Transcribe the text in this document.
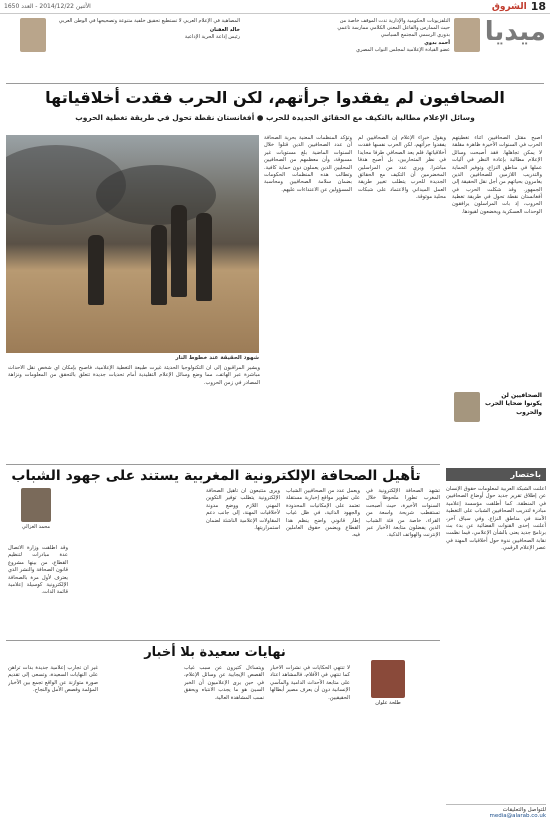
18
الشروق
الأثنين 2014/12/22 - العدد 1650
ميديا
التلفزيونات الحكومية والإدارية تدت الموقف خاصة من حيث الممارس والفاعل المعنى الكلامي ممارسة تاعمي بدوري الرسمي المجتمع السياسي
أحمد بدوي
عضو القيادة الإعلامية لمجلس النواب المصري
المصاهية في الإعلام العربي لا تستطيع تحقيق خلفية متنوعة وتصحيحها في الوطن العربي
خالد العفنان
رئيس إذاعة الحرية الإذاعية
الصحافيون لم يفقدوا جرأتهم، لكن الحرب فقدت أخلاقياتها
وسائل الإعلام مطالبة بالتكيف مع الحقائق الجديدة للحرب ● أفغانستان نقطة تحول في طريقة تغطية الحروب
شهود الحقيقة عند خطوط النار
أصبح مقتل الصحافيين أثناء تغطيتهم الحرب في السنوات الأخيرة ظاهرة مقلقة لا يمكن تجاهلها. فقد أصبحت وسائل الإعلام مطالبة بإعادة النظر في آليات عملها في مناطق النزاع، وتوفير الحماية والتدريب اللازمين للصحافيين الذين يغامرون بحياتهم من أجل نقل الحقيقة إلى الجمهور. وقد شكلت الحرب في أفغانستان نقطة تحول في طريقة تغطية الحروب، إذ بات المراسلون يرافقون الوحدات العسكرية ويخضعون لقيودها.
ويقول خبراء الإعلام إن الصحافيين لم يفقدوا جرأتهم، لكن الحرب نفسها فقدت أخلاقياتها، فلم يعد الصحافي طرفا محايدا في نظر المتحاربين، بل أصبح هدفا مباشرا. ويرى عدد من المراسلين المخضرمين أن التكيف مع الحقائق الجديدة للحرب يتطلب تغيير طريقة العمل الميداني والاعتماد على شبكات محلية موثوقة.
وتؤكد المنظمات المعنية بحرية الصحافة أن عدد الصحافيين الذين قتلوا خلال السنوات الماضية بلغ مستويات غير مسبوقة، وأن معظمهم من الصحافيين المحليين الذين يعملون دون حماية كافية. وتطالب هذه المنظمات الحكومات بضمان سلامة الصحافيين ومحاسبة المسؤولين عن الاعتداءات عليهم.
ويشير المراقبون إلى أن التكنولوجيا الحديثة غيرت طبيعة التغطية الإعلامية، فأصبح بإمكان أي شخص نقل الأحداث مباشرة عبر الهاتف، مما وضع وسائل الإعلام التقليدية أمام تحديات جديدة تتعلق بالتحقق من المعلومات ونزاهة المصادر في زمن الحروب.
الصحافيين لن يكونوا ضحايا الحرب والحروب
باختصار
أعلنت الشبكة العربية لمعلومات حقوق الإنسان عن إطلاق تقرير جديد حول أوضاع الصحافيين في المنطقة. كما أطلقت مؤسسة إعلامية مبادرة لتدريب الصحافيين الشباب على التغطية الآمنة في مناطق النزاع. وفي سياق آخر، أعلنت إحدى القنوات الفضائية عن بدء بث برنامج جديد يعنى بالشأن الإعلامي، فيما نظمت نقابة الصحافيين ندوة حول أخلاقيات المهنة في عصر الإعلام الرقمي.
تأهيل الصحافة الإلكترونية المغربية يستند على جهود الشباب
محمد الغزالي
تشهد الصحافة الإلكترونية في المغرب تطورا ملحوظا خلال السنوات الأخيرة، حيث أصبحت تستقطب شريحة واسعة من القراء، خاصة من فئة الشباب الذين يفضلون متابعة الأخبار عبر الإنترنت والهواتف الذكية.
ويعمل عدد من الصحافيين الشباب على تطوير مواقع إخبارية مستقلة تعتمد على الإمكانيات المحدودة والجهود الذاتية، في ظل غياب إطار قانوني واضح ينظم هذا القطاع ويضمن حقوق العاملين فيه.
ويرى متتبعون أن تأهيل الصحافة الإلكترونية يتطلب توفير التكوين المهني اللازم ووضع مدونة لأخلاقيات المهنة، إلى جانب دعم المقاولات الإعلامية الناشئة لضمان استمراريتها.
وقد أطلقت وزارة الاتصال عدة مبادرات لتنظيم القطاع، من بينها مشروع قانون الصحافة والنشر الذي يعترف لأول مرة بالصحافة الإلكترونية كوسيلة إعلامية قائمة الذات.
نهايات سعيدة بلا أخبار
طلحة علوان
لا تنتهي الحكايات في نشرات الأخبار كما تنتهي في الأفلام، فالمشاهد اعتاد على متابعة الأحداث الدامية والمآسي الإنسانية دون أن يعرف مصير أبطالها الحقيقيين.
ويتساءل كثيرون عن سبب غياب القصص الإيجابية عن وسائل الإعلام، في حين يرى الإعلاميون أن الخبر السيئ هو ما يجذب الانتباه ويحقق نسب المشاهدة العالية.
غير أن تجارب إعلامية جديدة بدأت تراهن على النهايات السعيدة، وتسعى إلى تقديم صورة متوازنة عن الواقع تجمع بين الأخبار المؤلمة وقصص الأمل والنجاح.
للتواصل والتعليقات
media@alarab.co.uk
